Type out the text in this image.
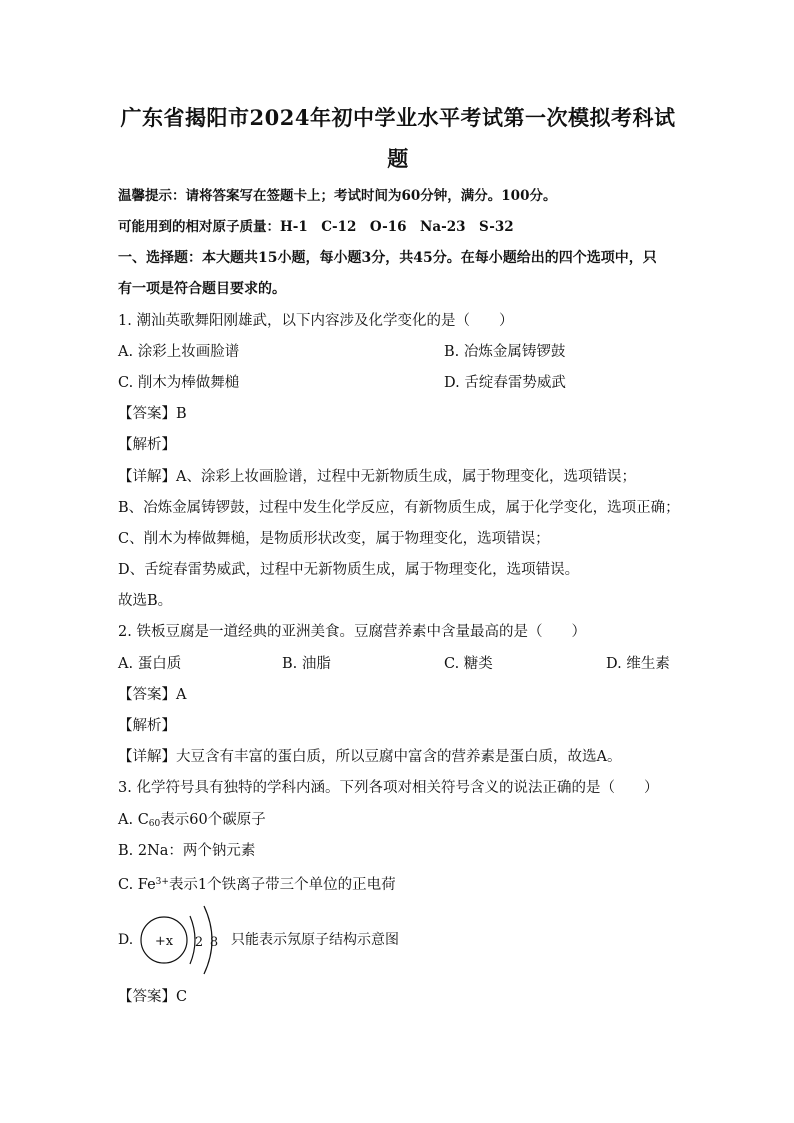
广东省揭阳市2024年初中学业水平考试第一次模拟考科试
题
温馨提示：请将答案写在签题卡上；考试时间为60分钟，满分。100分。
可能用到的相对原子质量：H-1　C-12　O-16　Na-23　S-32
一、选择题：本大题共15小题，每小题3分，共45分。在每小题给出的四个选项中，只
有一项是符合题目要求的。
1. 潮汕英歌舞阳刚雄武，以下内容涉及化学变化的是（　　）
A. 涂彩上妆画脸谱	B. 冶炼金属铸锣鼓
C. 削木为棒做舞槌	D. 舌绽春雷势威武
【答案】B
【解析】
【详解】A、涂彩上妆画脸谱，过程中无新物质生成，属于物理变化，选项错误；
B、冶炼金属铸锣鼓，过程中发生化学反应，有新物质生成，属于化学变化，选项正确；
C、削木为棒做舞槌，是物质形状改变，属于物理变化，选项错误；
D、舌绽春雷势威武，过程中无新物质生成，属于物理变化，选项错误。
故选B。
2. 铁板豆腐是一道经典的亚洲美食。豆腐营养素中含量最高的是（　　）
A. 蛋白质	B. 油脂	C. 糖类	D. 维生素
【答案】A
【解析】
【详解】大豆含有丰富的蛋白质，所以豆腐中富含的营养素是蛋白质，故选A。
3. 化学符号具有独特的学科内涵。下列各项对相关符号含义的说法正确的是（　　）
A. $C_{60}$表示60个碳原子
B. 2Na：两个钠元素
C. $Fe^{3+}$表示1个铁离子带三个单位的正电荷
D. +x 2 8 只能表示氖原子结构示意图
【答案】C
